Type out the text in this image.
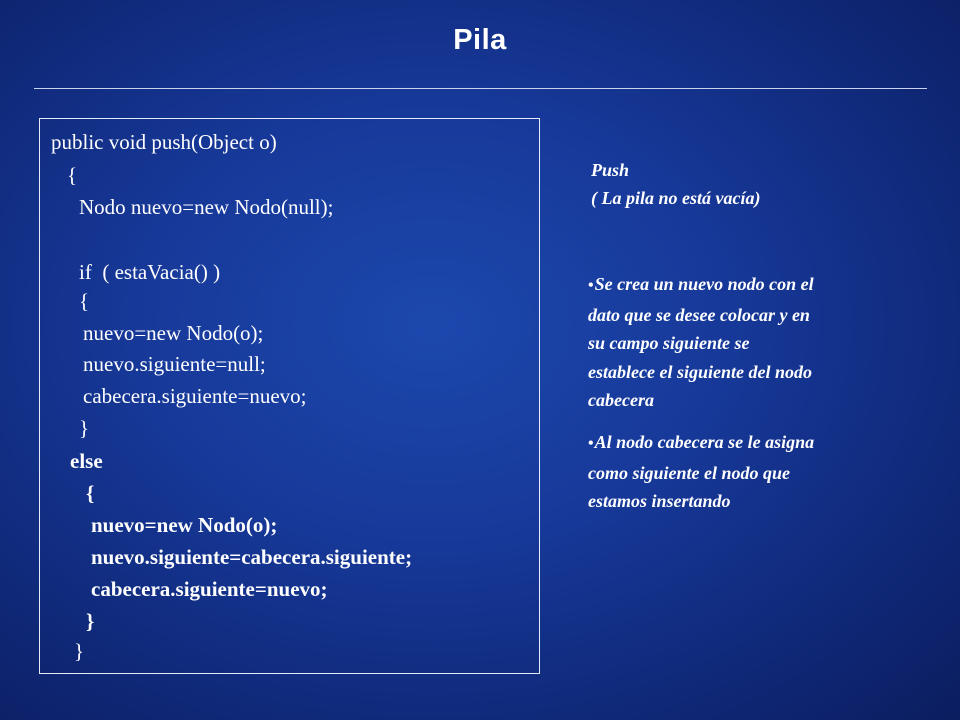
Pila
public void push(Object o)
{
Nodo nuevo=new Nodo(null);
if  ( estaVacia() )
{
nuevo=new Nodo(o);
nuevo.siguiente=null;
cabecera.siguiente=nuevo;
}
else
{
nuevo=new Nodo(o);
nuevo.siguiente=cabecera.siguiente;
cabecera.siguiente=nuevo;
}
}
Push
( La pila no está vacía)
•Se crea un nuevo nodo con el
dato que se desee colocar y en
su campo siguiente se
establece el siguiente del nodo
cabecera
•Al nodo cabecera se le asigna
como siguiente el nodo que
estamos insertando
